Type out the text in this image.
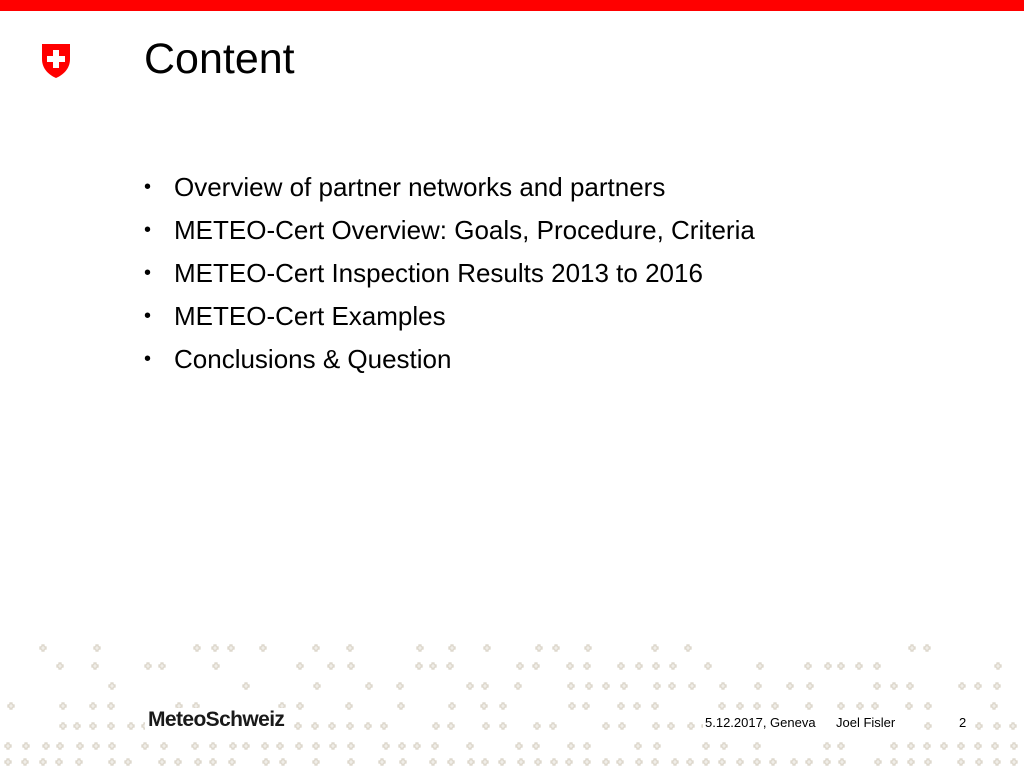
Content
• Overview of partner networks and partners
• METEO-Cert Overview: Goals, Procedure, Criteria
• METEO-Cert Inspection Results 2013 to 2016
• METEO-Cert Examples
• Conclusions & Question
MeteoSchweiz	5.12.2017, Geneva Joel Fisler	2
